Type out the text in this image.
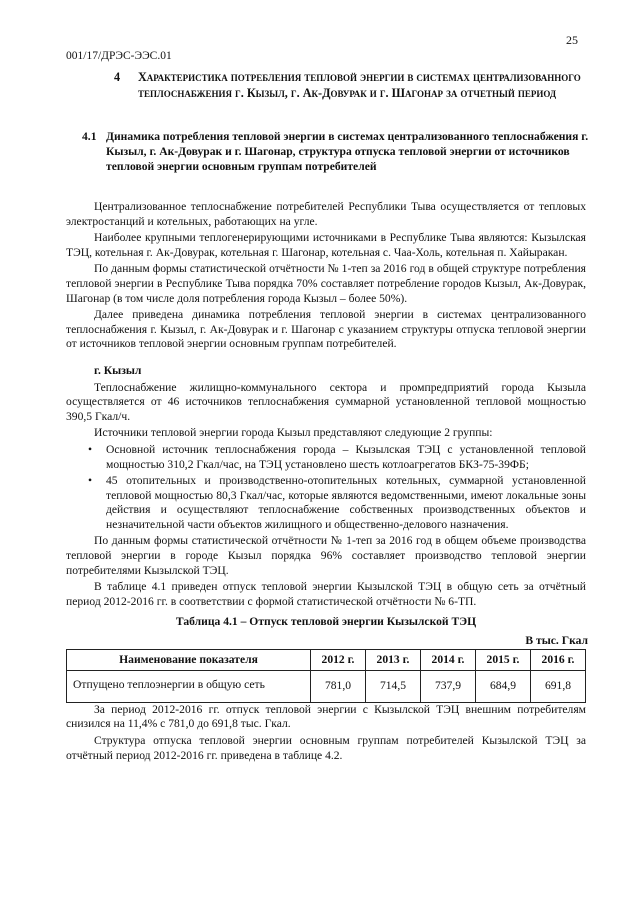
001/17/ДРЭС-ЭЭС.01
25
4	Характеристика потребления тепловой энергии в системах централизованного теплоснабжения г. Кызыл, г. Ак-Довурак и г. Шагонар за отчетный период
4.1 Динамика потребления тепловой энергии в системах централизованного теплоснабжения г. Кызыл, г. Ак-Довурак и г. Шагонар, структура отпуска тепловой энергии от источников тепловой энергии основным группам потребителей

Централизованное теплоснабжение потребителей Республики Тыва осуществляется от тепловых электростанций и котельных, работающих на угле.

Наиболее крупными теплогенерирующими источниками в Республике Тыва являются: Кызылская ТЭЦ, котельная г. Ак-Довурак, котельная г. Шагонар, котельная с. Чаа-Холь, котельная п. Хайыракан.

По данным формы статистической отчётности № 1-теп за 2016 год в общей структуре потребления тепловой энергии в Республике Тыва порядка 70% составляет потребление городов Кызыл, Ак-Довурак, Шагонар (в том числе доля потребления города Кызыл – более 50%).

Далее приведена динамика потребления тепловой энергии в системах централизованного теплоснабжения г. Кызыл, г. Ак-Довурак и г. Шагонар с указанием структуры отпуска тепловой энергии от источников тепловой энергии основным группам потребителей.

г. Кызыл

Теплоснабжение жилищно-коммунального сектора и промпредприятий города Кызыла осуществляется от 46 источников теплоснабжения суммарной установленной тепловой мощностью 390,5 Гкал/ч.

Источники тепловой энергии города Кызыл представляют следующие 2 группы:

• Основной источник теплоснабжения города – Кызылская ТЭЦ с установленной тепловой мощностью 310,2 Гкал/час, на ТЭЦ установлено шесть котлоагрегатов БКЗ-75-39ФБ;
• 45 отопительных и производственно-отопительных котельных, суммарной установленной тепловой мощностью 80,3 Гкал/час, которые являются ведомственными, имеют локальные зоны действия и осуществляют теплоснабжение собственных производственных объектов и незначительной части объектов жилищного и общественно-делового назначения.

По данным формы статистической отчётности № 1-теп за 2016 год в общем объеме производства тепловой энергии в городе Кызыл порядка 96% составляет производство тепловой энергии потребителями Кызылской ТЭЦ.

В таблице 4.1 приведен отпуск тепловой энергии Кызылской ТЭЦ в общую сеть за отчётный период 2012-2016 гг. в соответствии с формой статистической отчётности № 6-ТП.

Таблица 4.1 – Отпуск тепловой энергии Кызылской ТЭЦ
В тыс. Гкал
Наименование показателя	2012 г.	2013 г.	2014 г.	2015 г.	2016 г.
Отпущено теплоэнергии в общую сеть	781,0	714,5	737,9	684,9	691,8

За период 2012-2016 гг. отпуск тепловой энергии с Кызылской ТЭЦ внешним потребителям снизился на 11,4% с 781,0 до 691,8 тыс. Гкал.

Структура отпуска тепловой энергии основным группам потребителей Кызылской ТЭЦ за отчётный период 2012-2016 гг. приведена в таблице 4.2.
